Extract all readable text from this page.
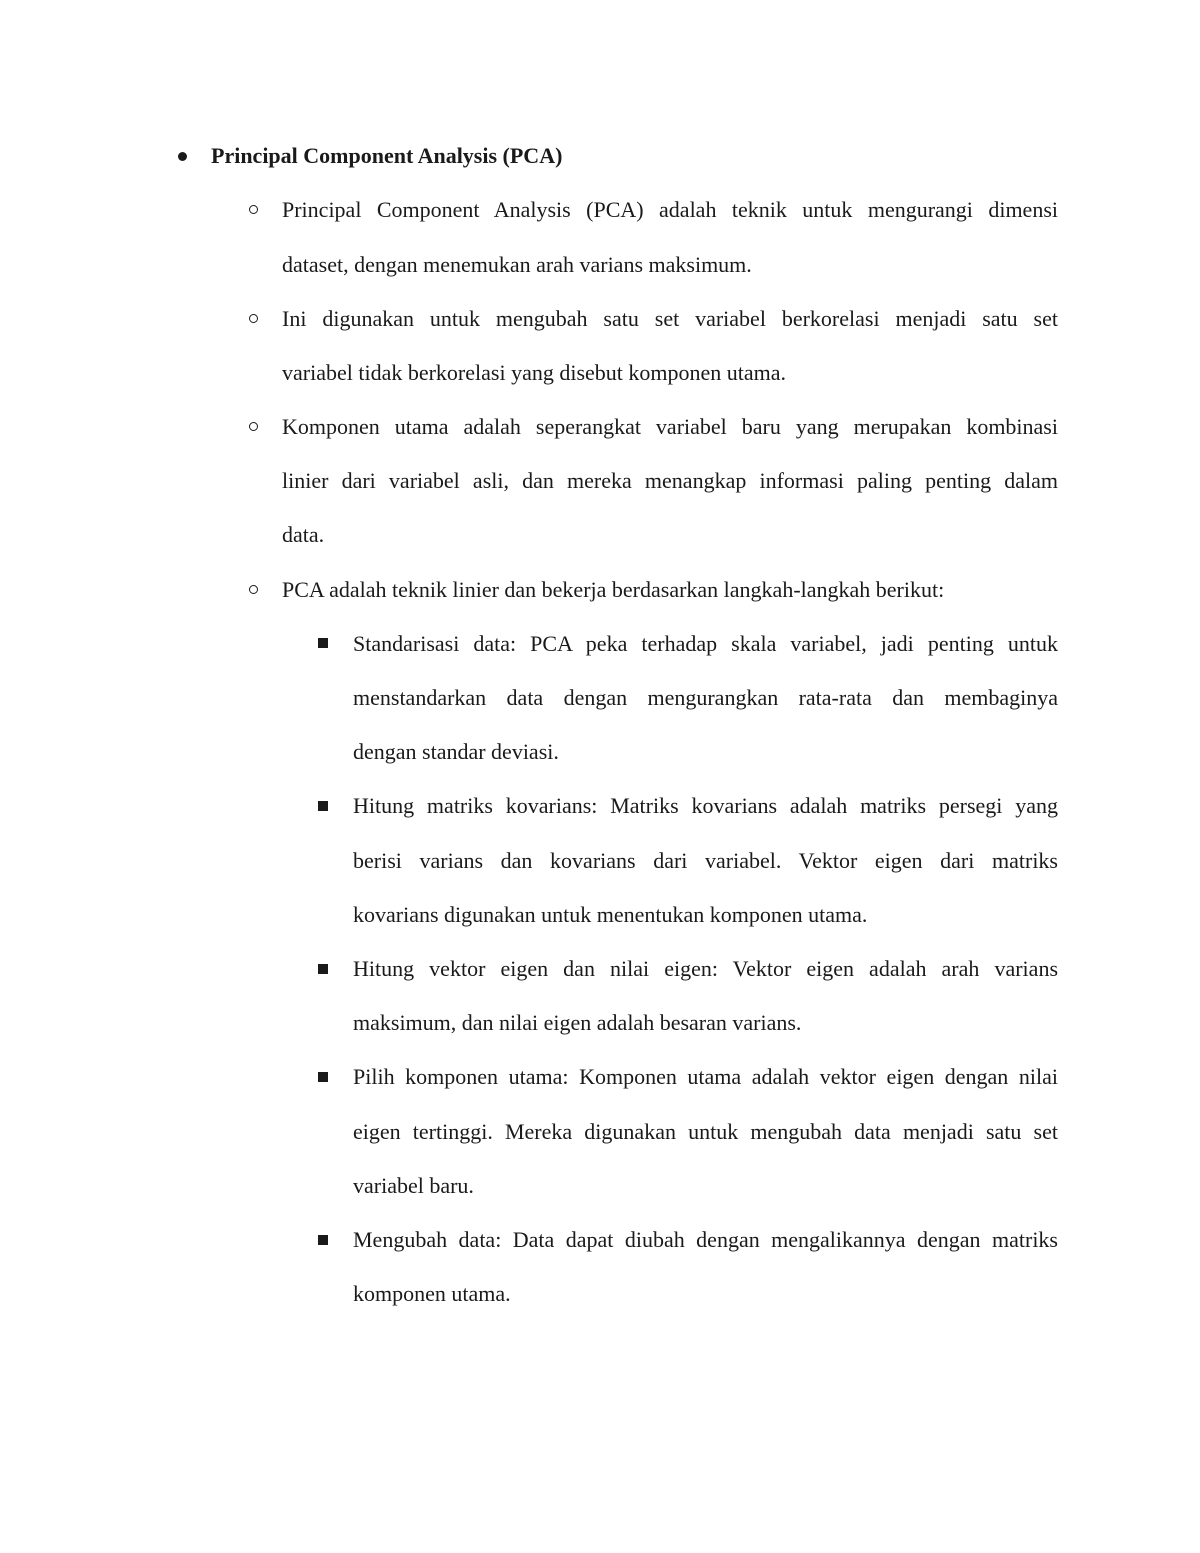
Principal Component Analysis (PCA)
Principal Component Analysis (PCA) adalah teknik untuk mengurangi dimensi
dataset, dengan menemukan arah varians maksimum.
Ini digunakan untuk mengubah satu set variabel berkorelasi menjadi satu set
variabel tidak berkorelasi yang disebut komponen utama.
Komponen utama adalah seperangkat variabel baru yang merupakan kombinasi
linier dari variabel asli, dan mereka menangkap informasi paling penting dalam
data.
PCA adalah teknik linier dan bekerja berdasarkan langkah-langkah berikut:
Standarisasi data: PCA peka terhadap skala variabel, jadi penting untuk
menstandarkan data dengan mengurangkan rata-rata dan membaginya
dengan standar deviasi.
Hitung matriks kovarians: Matriks kovarians adalah matriks persegi yang
berisi varians dan kovarians dari variabel. Vektor eigen dari matriks
kovarians digunakan untuk menentukan komponen utama.
Hitung vektor eigen dan nilai eigen: Vektor eigen adalah arah varians
maksimum, dan nilai eigen adalah besaran varians.
Pilih komponen utama: Komponen utama adalah vektor eigen dengan nilai
eigen tertinggi. Mereka digunakan untuk mengubah data menjadi satu set
variabel baru.
Mengubah data: Data dapat diubah dengan mengalikannya dengan matriks
komponen utama.
